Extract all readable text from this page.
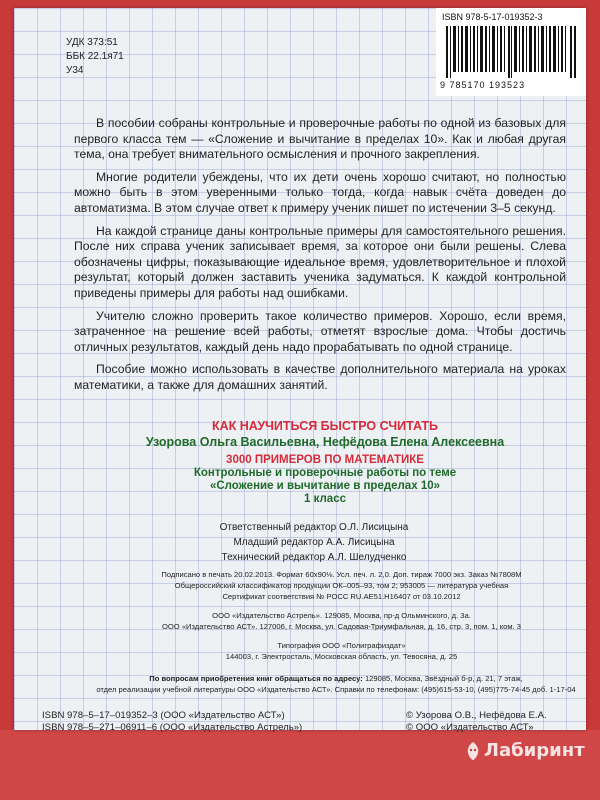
УДК 373:51
ББК 22.1я71
У34
ISBN 978-5-17-019352-3
9 785170 193523

В пособии собраны контрольные и проверочные работы по одной из базовых для первого класса тем — «Сложение и вычитание в пределах 10». Как и любая другая тема, она требует внимательного осмысления и прочного закрепления.

Многие родители убеждены, что их дети очень хорошо считают, но полностью можно быть в этом уверенными только тогда, когда навык счёта доведен до автоматизма. В этом случае ответ к примеру ученик пишет по истечении 3–5 секунд.

На каждой странице даны контрольные примеры для самостоятельного решения. После них справа ученик записывает время, за которое они были решены. Слева обозначены цифры, показывающие идеальное время, удовлетворительное и плохой результат, который должен заставить ученика задуматься. К каждой контрольной приведены примеры для работы над ошибками.

Учителю сложно проверить такое количество примеров. Хорошо, если время, затраченное на решение всей работы, отметят взрослые дома. Чтобы достичь отличных результатов, каждый день надо прорабатывать по одной странице.

Пособие можно использовать в качестве дополнительного материала на уроках математики, а также для домашних занятий.

КАК НАУЧИТЬСЯ БЫСТРО СЧИТАТЬ
Узорова Ольга Васильевна, Нефёдова Елена Алексеевна
3000 ПРИМЕРОВ ПО МАТЕМАТИКЕ
Контрольные и проверочные работы по теме
«Сложение и вычитание в пределах 10»
1 класс
Ответственный редактор О.Л. Лисицына
Младший редактор А.А. Лисицына
Технический редактор А.Л. Шелудченко
Подписано в печать 20.02.2013. Формат 60х90⅛. Усл. печ. л. 2,0. Доп. тираж 7000 экз. Заказ №7808М
Общероссийский классификатор продукции ОК–005–93, том 2; 953005 — литература учебная
Сертификат соответствия № РОСС RU.AE51.H16407 от 03.10.2012
ООО «Издательство Астрель». 129085, Москва, пр-д Ольминского, д. 3а.
ООО «Издательство АСТ». 127006, г. Москва, ул. Садовая-Триумфальная, д. 16, стр. 3, пом. 1, ком. 3
Типография ООО «Полиграфиздат»
144003, г. Электросталь, Московская область, ул. Тевосяна, д. 25
По вопросам приобретения книг обращаться по адресу: 129085, Москва, Звёздный б-р, д. 21, 7 этаж,
отдел реализации учебной литературы ООО «Издательство АСТ». Справки по телефонам: (495)615-53-10, (495)775-74-45 доб. 1-17-04
ISBN 978–5–17–019352–3 (ООО «Издательство АСТ»)
ISBN 978–5–271–06911–6 (ООО «Издательство Астрель»)
© Узорова О.В., Нефёдова Е.А.
© ООО «Издательство АСТ»
Лабиринт
